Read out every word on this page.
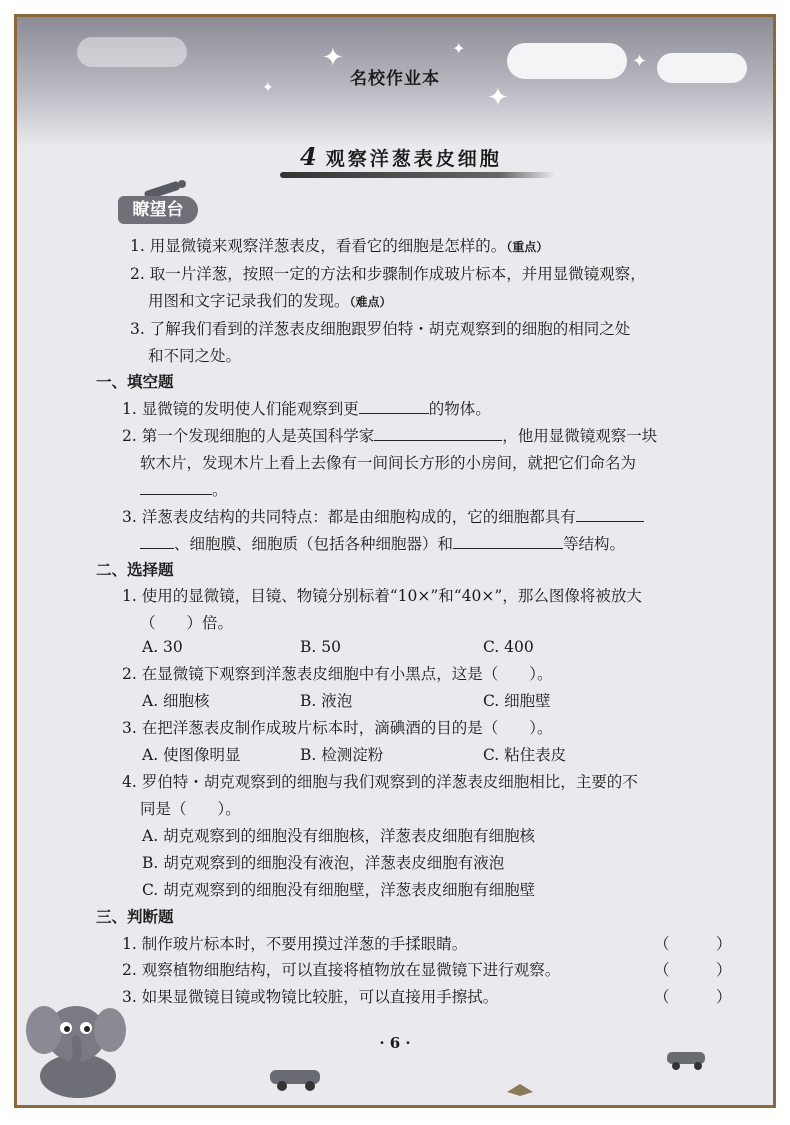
✦	✦
✦
✦
✦	名校作业本
4 观察洋葱表皮细胞
瞭望台
1. 用显微镜来观察洋葱表皮，看看它的细胞是怎样的。（重点）
2. 取一片洋葱，按照一定的方法和步骤制作成玻片标本，并用显微镜观察，
用图和文字记录我们的发现。（难点）
3. 了解我们看到的洋葱表皮细胞跟罗伯特・胡克观察到的细胞的相同之处
和不同之处。
一、填空题
1. 显微镜的发明使人们能观察到更	的物体。
2. 第一个发现细胞的人是英国科学家	，他用显微镜观察一块
软木片，发现木片上看上去像有一间间长方形的小房间，就把它们命名为
。
3. 洋葱表皮结构的共同特点：都是由细胞构成的，它的细胞都具有
、细胞膜、细胞质（包括各种细胞器）和	等结构。
二、选择题
1. 使用的显微镜，目镜、物镜分别标着“10×”和“40×”，那么图像将被放大
（　　）倍。
A. 30	B. 50	C. 400
2. 在显微镜下观察到洋葱表皮细胞中有小黑点，这是（　　）。
A. 细胞核	B. 液泡	C. 细胞壁
3. 在把洋葱表皮制作成玻片标本时，滴碘酒的目的是（　　）。
A. 使图像明显	B. 检测淀粉	C. 粘住表皮
4. 罗伯特・胡克观察到的细胞与我们观察到的洋葱表皮细胞相比，主要的不
同是（　　）。
A. 胡克观察到的细胞没有细胞核，洋葱表皮细胞有细胞核
B. 胡克观察到的细胞没有液泡，洋葱表皮细胞有液泡
C. 胡克观察到的细胞没有细胞壁，洋葱表皮细胞有细胞壁
三、判断题
1. 制作玻片标本时，不要用摸过洋葱的手揉眼睛。	（　　　）
2. 观察植物细胞结构，可以直接将植物放在显微镜下进行观察。	（　　　）
3. 如果显微镜目镜或物镜比较脏，可以直接用手擦拭。	（　　　）
· 6 ·
